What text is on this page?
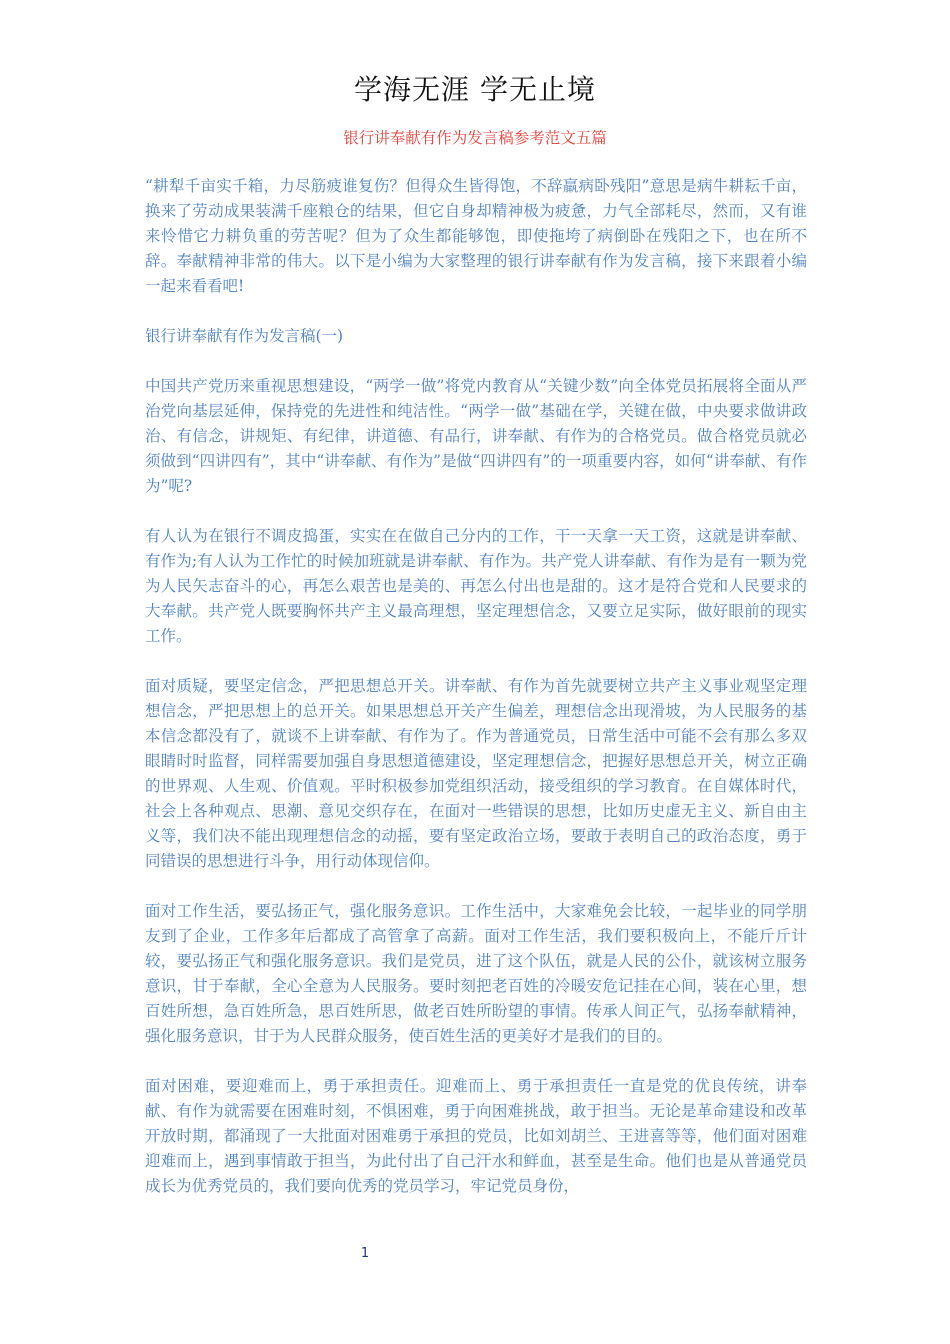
学海无涯 学无止境
银行讲奉献有作为发言稿参考范文五篇

“耕犁千亩实千箱，力尽筋疲谁复伤？但得众生皆得饱，不辞羸病卧残阳”意思是病牛耕耘千亩，换来了劳动成果装满千座粮仓的结果，但它自身却精神极为疲惫，力气全部耗尽，然而，又有谁来怜惜它力耕负重的劳苦呢？但为了众生都能够饱，即使拖垮了病倒卧在残阳之下，也在所不辞。奉献精神非常的伟大。以下是小编为大家整理的银行讲奉献有作为发言稿，接下来跟着小编一起来看看吧!

银行讲奉献有作为发言稿(一)

中国共产党历来重视思想建设，“两学一做”将党内教育从“关键少数”向全体党员拓展将全面从严治党向基层延伸，保持党的先进性和纯洁性。“两学一做”基础在学，关键在做，中央要求做讲政治、有信念，讲规矩、有纪律，讲道德、有品行，讲奉献、有作为的合格党员。做合格党员就必须做到“四讲四有”，其中“讲奉献、有作为”是做“四讲四有”的一项重要内容，如何“讲奉献、有作为”呢?

有人认为在银行不调皮捣蛋，实实在在做自己分内的工作，干一天拿一天工资，这就是讲奉献、有作为;有人认为工作忙的时候加班就是讲奉献、有作为。共产党人讲奉献、有作为是有一颗为党为人民矢志奋斗的心，再怎么艰苦也是美的、再怎么付出也是甜的。这才是符合党和人民要求的大奉献。共产党人既要胸怀共产主义最高理想，坚定理想信念，又要立足实际，做好眼前的现实工作。

面对质疑，要坚定信念，严把思想总开关。讲奉献、有作为首先就要树立共产主义事业观坚定理想信念，严把思想上的总开关。如果思想总开关产生偏差，理想信念出现滑坡，为人民服务的基本信念都没有了，就谈不上讲奉献、有作为了。作为普通党员，日常生活中可能不会有那么多双眼睛时时监督，同样需要加强自身思想道德建设，坚定理想信念，把握好思想总开关，树立正确的世界观、人生观、价值观。平时积极参加党组织活动，接受组织的学习教育。在自媒体时代，社会上各种观点、思潮、意见交织存在，在面对一些错误的思想，比如历史虚无主义、新自由主义等，我们决不能出现理想信念的动摇，要有坚定政治立场，要敢于表明自己的政治态度，勇于同错误的思想进行斗争，用行动体现信仰。

面对工作生活，要弘扬正气，强化服务意识。工作生活中，大家难免会比较，一起毕业的同学朋友到了企业，工作多年后都成了高管拿了高薪。面对工作生活，我们要积极向上，不能斤斤计较，要弘扬正气和强化服务意识。我们是党员，进了这个队伍，就是人民的公仆，就该树立服务意识，甘于奉献，全心全意为人民服务。要时刻把老百姓的冷暖安危记挂在心间，装在心里，想百姓所想，急百姓所急，思百姓所思，做老百姓所盼望的事情。传承人间正气，弘扬奉献精神，强化服务意识，甘于为人民群众服务，使百姓生活的更美好才是我们的目的。

面对困难，要迎难而上，勇于承担责任。迎难而上、勇于承担责任一直是党的优良传统，讲奉献、有作为就需要在困难时刻，不惧困难，勇于向困难挑战，敢于担当。无论是革命建设和改革开放时期，都涌现了一大批面对困难勇于承担的党员，比如刘胡兰、王进喜等等，他们面对困难迎难而上，遇到事情敢于担当，为此付出了自己汗水和鲜血，甚至是生命。他们也是从普通党员成长为优秀党员的，我们要向优秀的党员学习，牢记党员身份，

1
